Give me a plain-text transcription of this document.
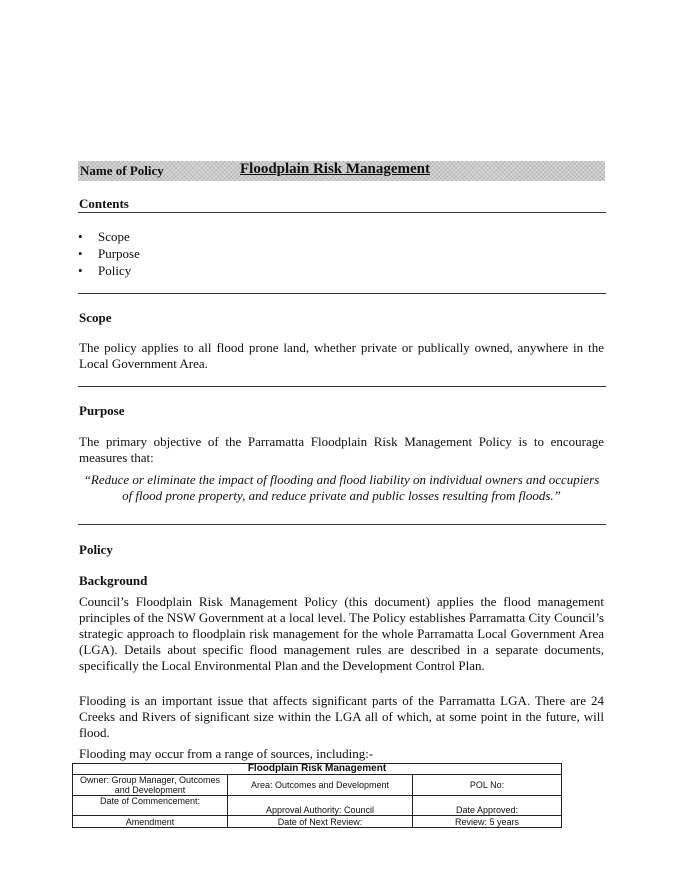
Name of Policy	Floodplain Risk Management
Contents
• Scope
• Purpose
• Policy
Scope

The policy applies to all flood prone land, whether private or publically owned, anywhere in the Local Government Area.

Purpose

The primary objective of the Parramatta Floodplain Risk Management Policy is to encourage measures that:

“Reduce or eliminate the impact of flooding and flood liability on individual owners and occupiers of flood prone property, and reduce private and public losses resulting from floods.”

Policy
Background

Council’s Floodplain Risk Management Policy (this document) applies the flood management principles of the NSW Government at a local level. The Policy establishes Parramatta City Council’s strategic approach to floodplain risk management for the whole Parramatta Local Government Area (LGA). Details about specific flood management rules are described in a separate documents, specifically the Local Environmental Plan and the Development Control Plan.

Flooding is an important issue that affects significant parts of the Parramatta LGA. There are 24 Creeks and Rivers of significant size within the LGA all of which, at some point in the future, will flood.

Flooding may occur from a range of sources, including:-

Floodplain Risk Management		
Owner: Group Manager, Outcomes and Development	Area: Outcomes and Development	POL No:
Date of Commencement:	Approval Authority: Council	Date Approved:
Amendment	Date of Next Review:	Review: 5 years
